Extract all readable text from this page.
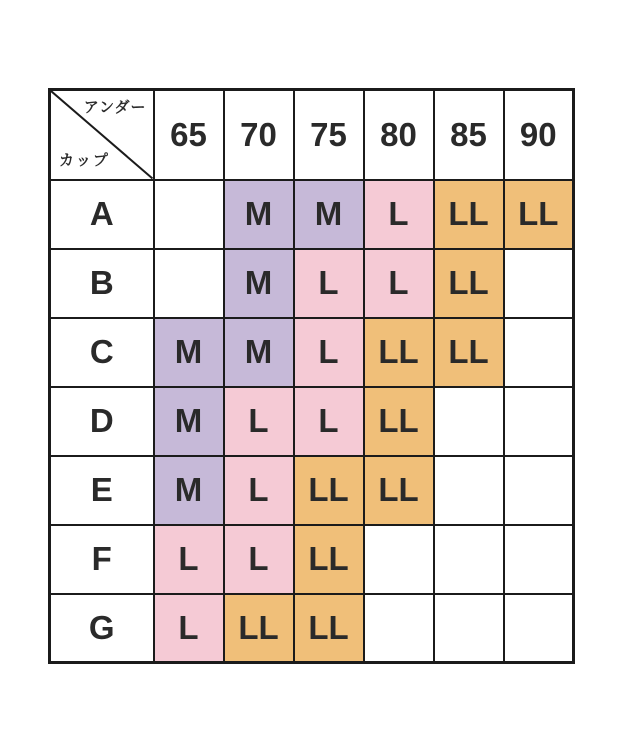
アンダー
カップ	65	70	75	80	85	90
A		M	M	L	LL	LL
B		M	L	L	LL	
C	M	M	L	LL	LL	
D	M	L	L	LL		
E	M	L	LL	LL		
F	L	L	LL			
G	L	LL	LL			
